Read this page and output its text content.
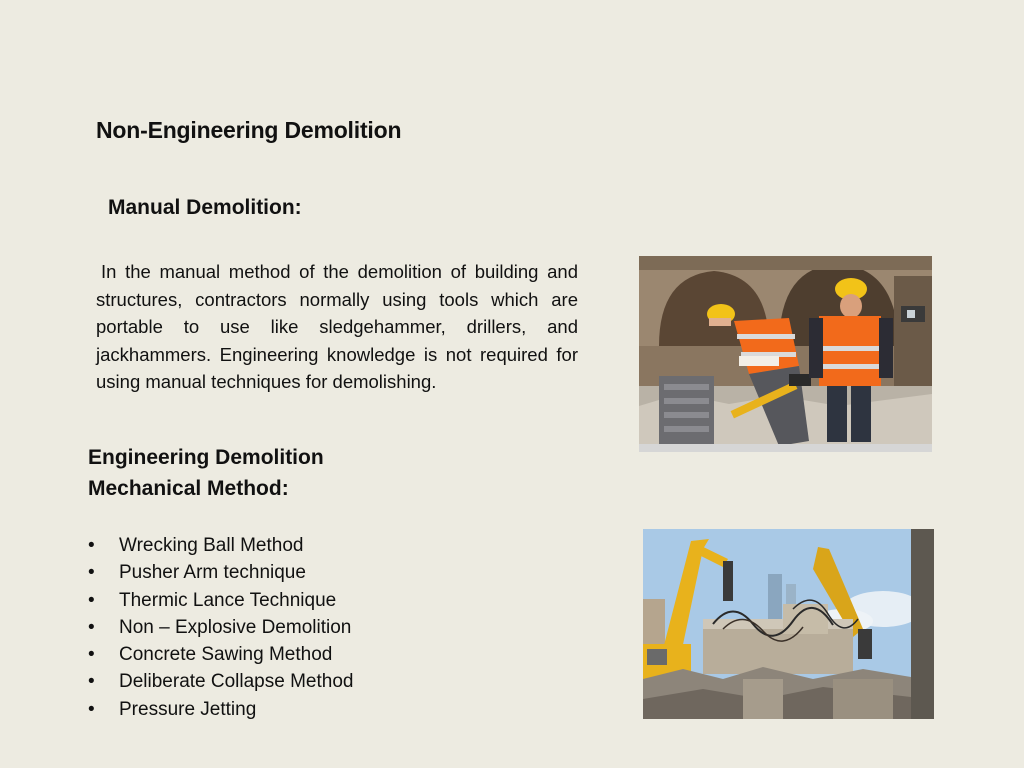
Non-Engineering Demolition
Manual Demolition:
In the manual method of the demolition of building and structures, contractors normally using tools which are portable to use like sledgehammer, drillers, and jackhammers. Engineering knowledge is not required for using manual techniques for demolishing.
Engineering Demolition
Mechanical Method:
• Wrecking Ball Method
• Pusher Arm technique
• Thermic Lance Technique
• Non – Explosive Demolition
• Concrete Sawing Method
• Deliberate Collapse Method
• Pressure Jetting
